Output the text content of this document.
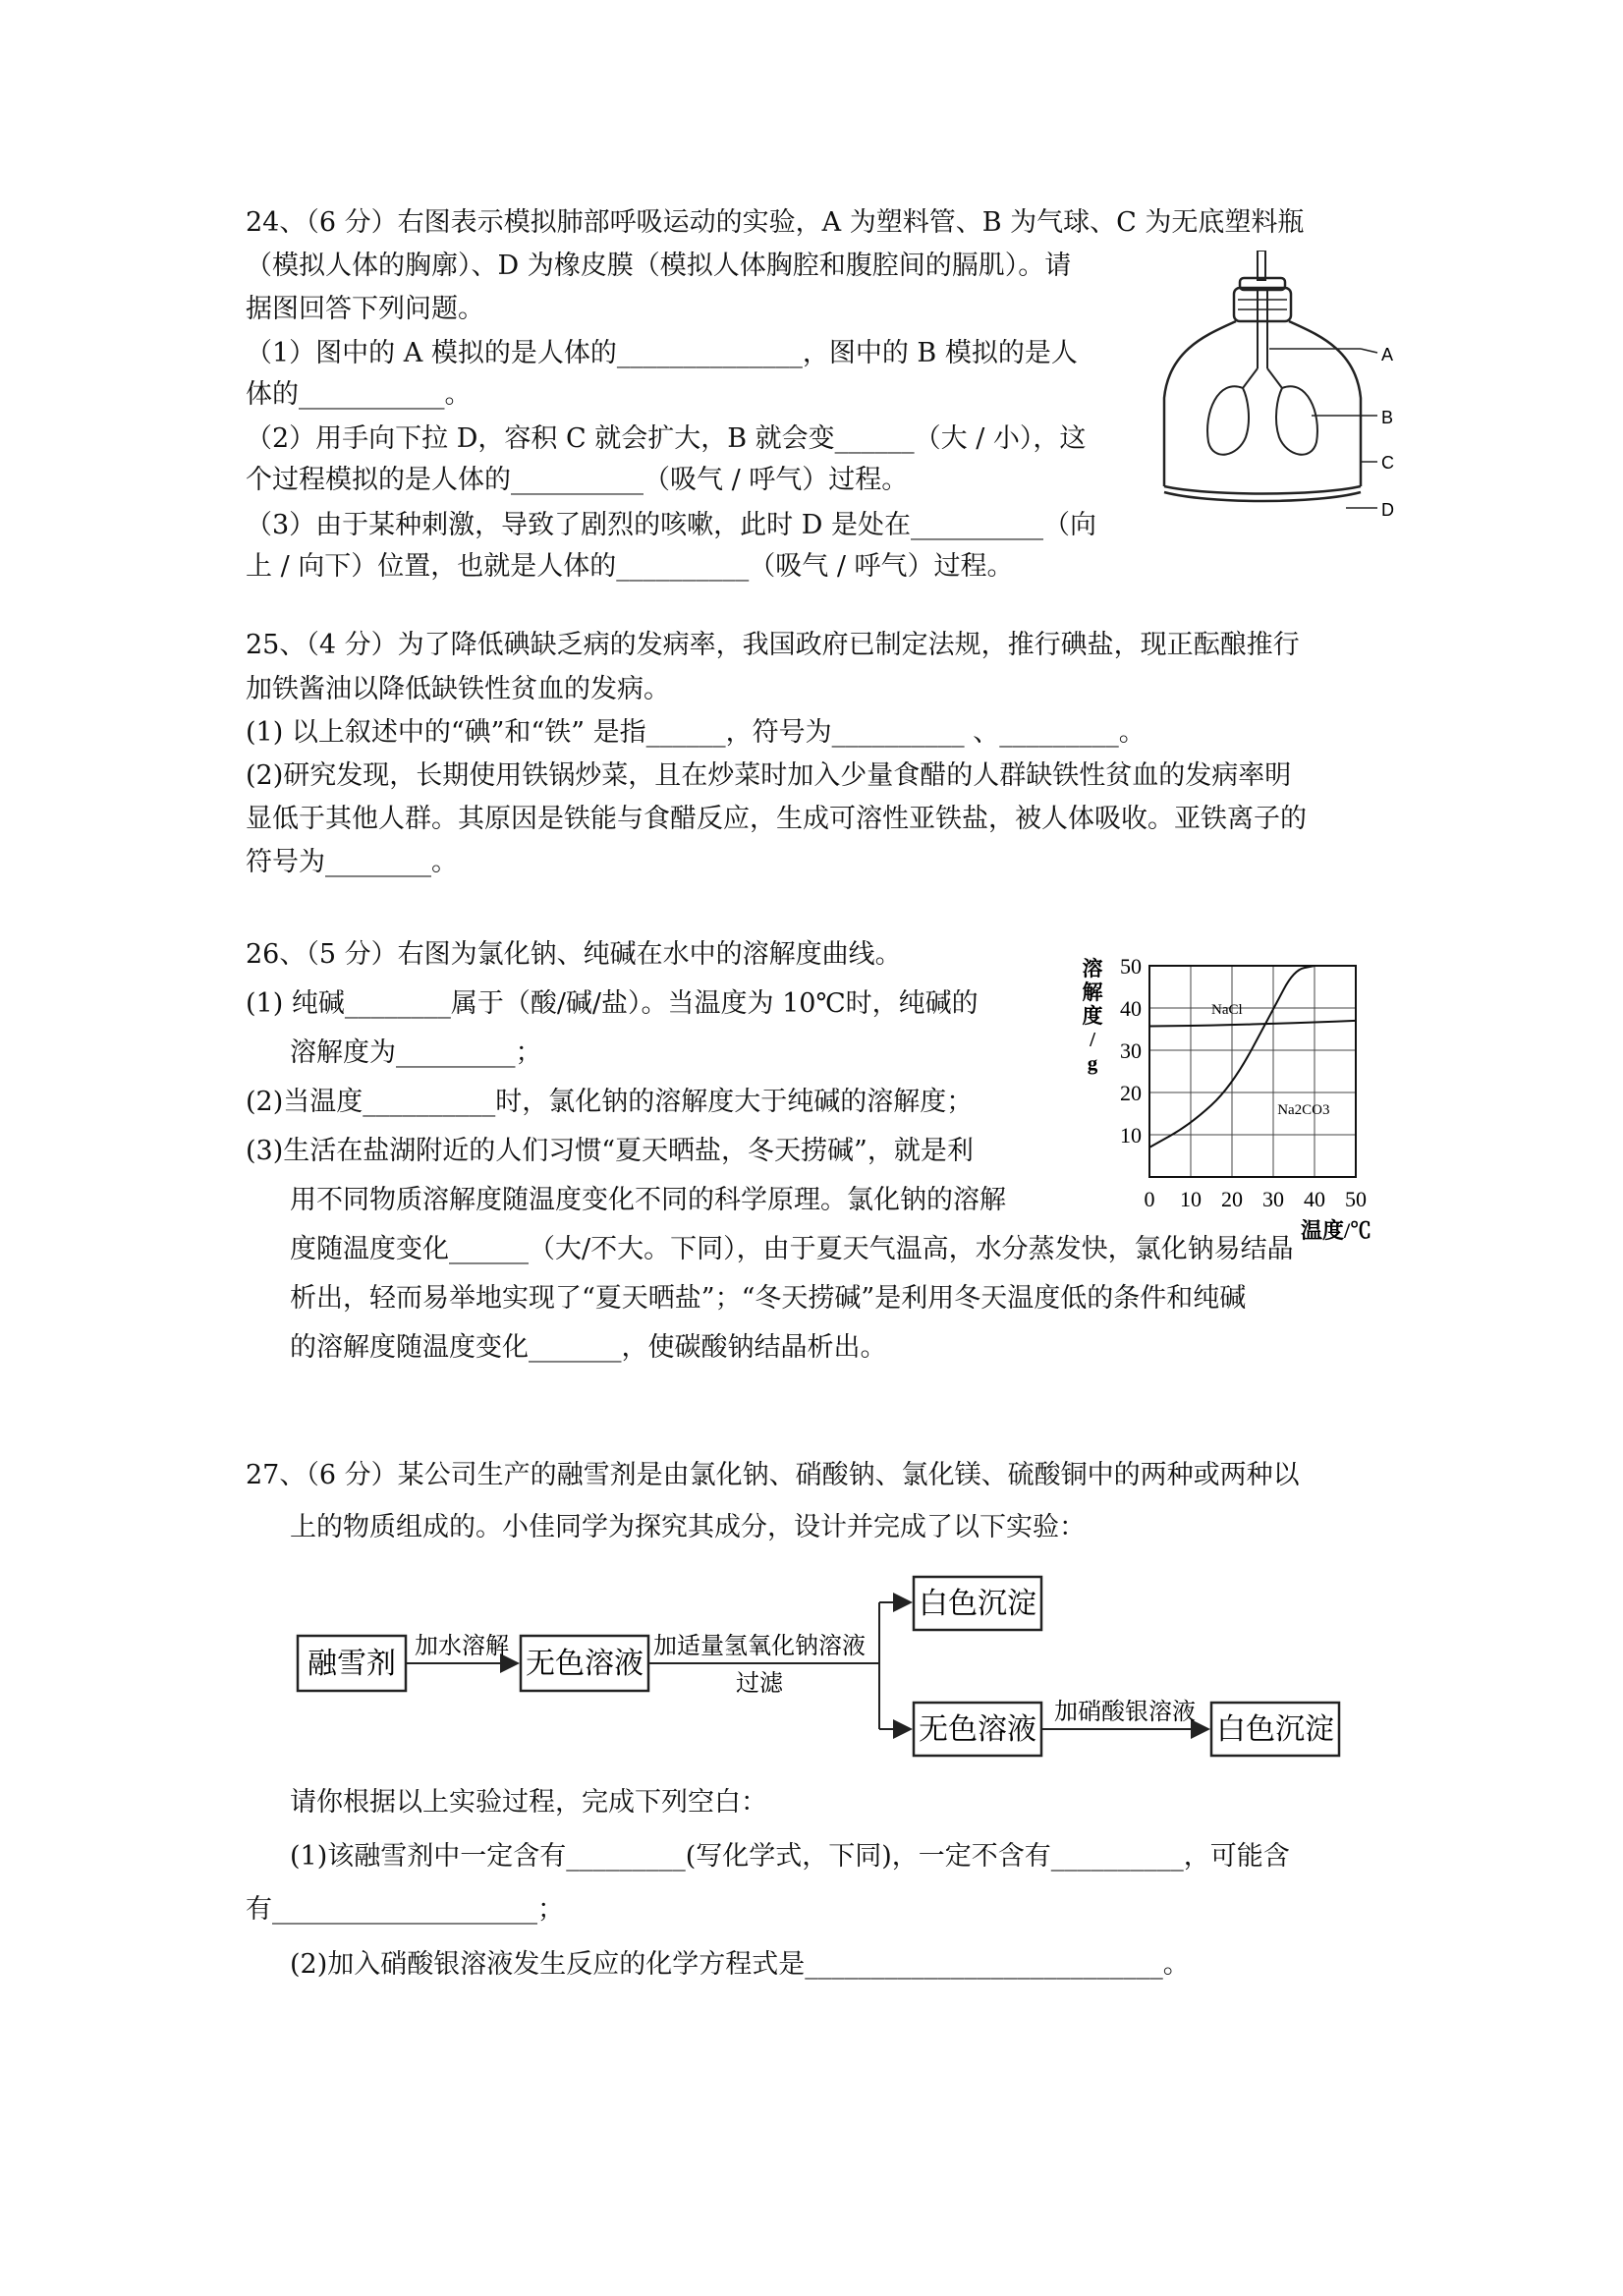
24、（6 分）右图表示模拟肺部呼吸运动的实验，A 为塑料管、B 为气球、C 为无底塑料瓶
（模拟人体的胸廓）、D 为橡皮膜（模拟人体胸腔和腹腔间的膈肌）。请
据图回答下列问题。
（1）图中的 A 模拟的是人体的______________，图中的 B 模拟的是人
体的___________。
（2）用手向下拉 D，容积 C 就会扩大，B 就会变______（大 / 小），这
个过程模拟的是人体的__________（吸气 / 呼气）过程。
（3）由于某种刺激，导致了剧烈的咳嗽，此时 D 是处在__________（向
上 / 向下）位置，也就是人体的__________（吸气 / 呼气）过程。
A
B
C
D
25、（4 分）为了降低碘缺乏病的发病率，我国政府已制定法规，推行碘盐，现正酝酿推行
加铁酱油以降低缺铁性贫血的发病。
(1) 以上叙述中的“碘”和“铁” 是指______，符号为__________ 、_________。
(2)研究发现，长期使用铁锅炒菜，且在炒菜时加入少量食醋的人群缺铁性贫血的发病率明
显低于其他人群。其原因是铁能与食醋反应，生成可溶性亚铁盐，被人体吸收。亚铁离子的
符号为________。
26、（5 分）右图为氯化钠、纯碱在水中的溶解度曲线。
(1) 纯碱________属于（酸/碱/盐）。当温度为 10℃时，纯碱的
溶解度为_________；
(2)当温度__________时，氯化钠的溶解度大于纯碱的溶解度；
(3)生活在盐湖附近的人们习惯“夏天晒盐，冬天捞碱”，就是利
用不同物质溶解度随温度变化不同的科学原理。氯化钠的溶解
度随温度变化______（大/不大。下同），由于夏天气温高，水分蒸发快，氯化钠易结晶
析出，轻而易举地实现了“夏天晒盐”；“冬天捞碱”是利用冬天温度低的条件和纯碱
的溶解度随温度变化_______，使碳酸钠结晶析出。
0 10 20 30 40 50
10
20
30
40
50
溶
解
度
/
g
温度/℃
NaCl
Na2CO3
27、（6 分）某公司生产的融雪剂是由氯化钠、硝酸钠、氯化镁、硫酸铜中的两种或两种以
上的物质组成的。小佳同学为探究其成分，设计并完成了以下实验：
融雪剂
加水溶解
无色溶液
加适量氢氧化钠溶液
过滤
白色沉淀
无色溶液
加硝酸银溶液
白色沉淀
请你根据以上实验过程，完成下列空白：
(1)该融雪剂中一定含有_________(写化学式，下同)，一定不含有__________，可能含
有____________________；
(2)加入硝酸银溶液发生反应的化学方程式是___________________________。
